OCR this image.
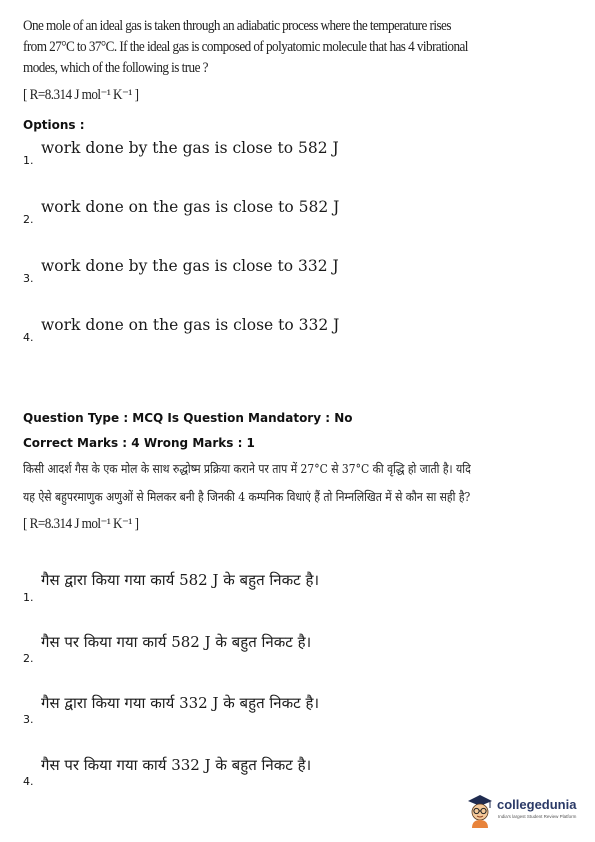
One mole of an ideal gas is taken through an adiabatic process where the temperature rises
from 27°C to 37°C. If the ideal gas is composed of polyatomic molecule that has 4 vibrational
modes, which of the following is true ?
[ R=8.314 J mol⁻¹ K⁻¹ ]
Options :
1.
work done by the gas is close to 582 J
2.
work done on the gas is close to 582 J
3.
work done by the gas is close to 332 J
4.
work done on the gas is close to 332 J
Question Type : MCQ Is Question Mandatory : No
Correct Marks : 4 Wrong Marks : 1
किसी आदर्श गैस के एक मोल के साथ रुद्धोष्म प्रक्रिया कराने पर ताप में 27°C से 37°C की वृद्धि हो जाती है। यदि
यह ऐसे बहुपरमाणुक अणुओं से मिलकर बनी है जिनकी 4 कम्पनिक विधाएं हैं तो निम्नलिखित में से कौन सा सही है?
[ R=8.314 J mol⁻¹ K⁻¹ ]
1.
गैस द्वारा किया गया कार्य 582 J के बहुत निकट है।
2.
गैस पर किया गया कार्य 582 J के बहुत निकट है।
3.
गैस द्वारा किया गया कार्य 332 J के बहुत निकट है।
4.
गैस पर किया गया कार्य 332 J के बहुत निकट है।
collegedunia
India's largest Student Review Platform
